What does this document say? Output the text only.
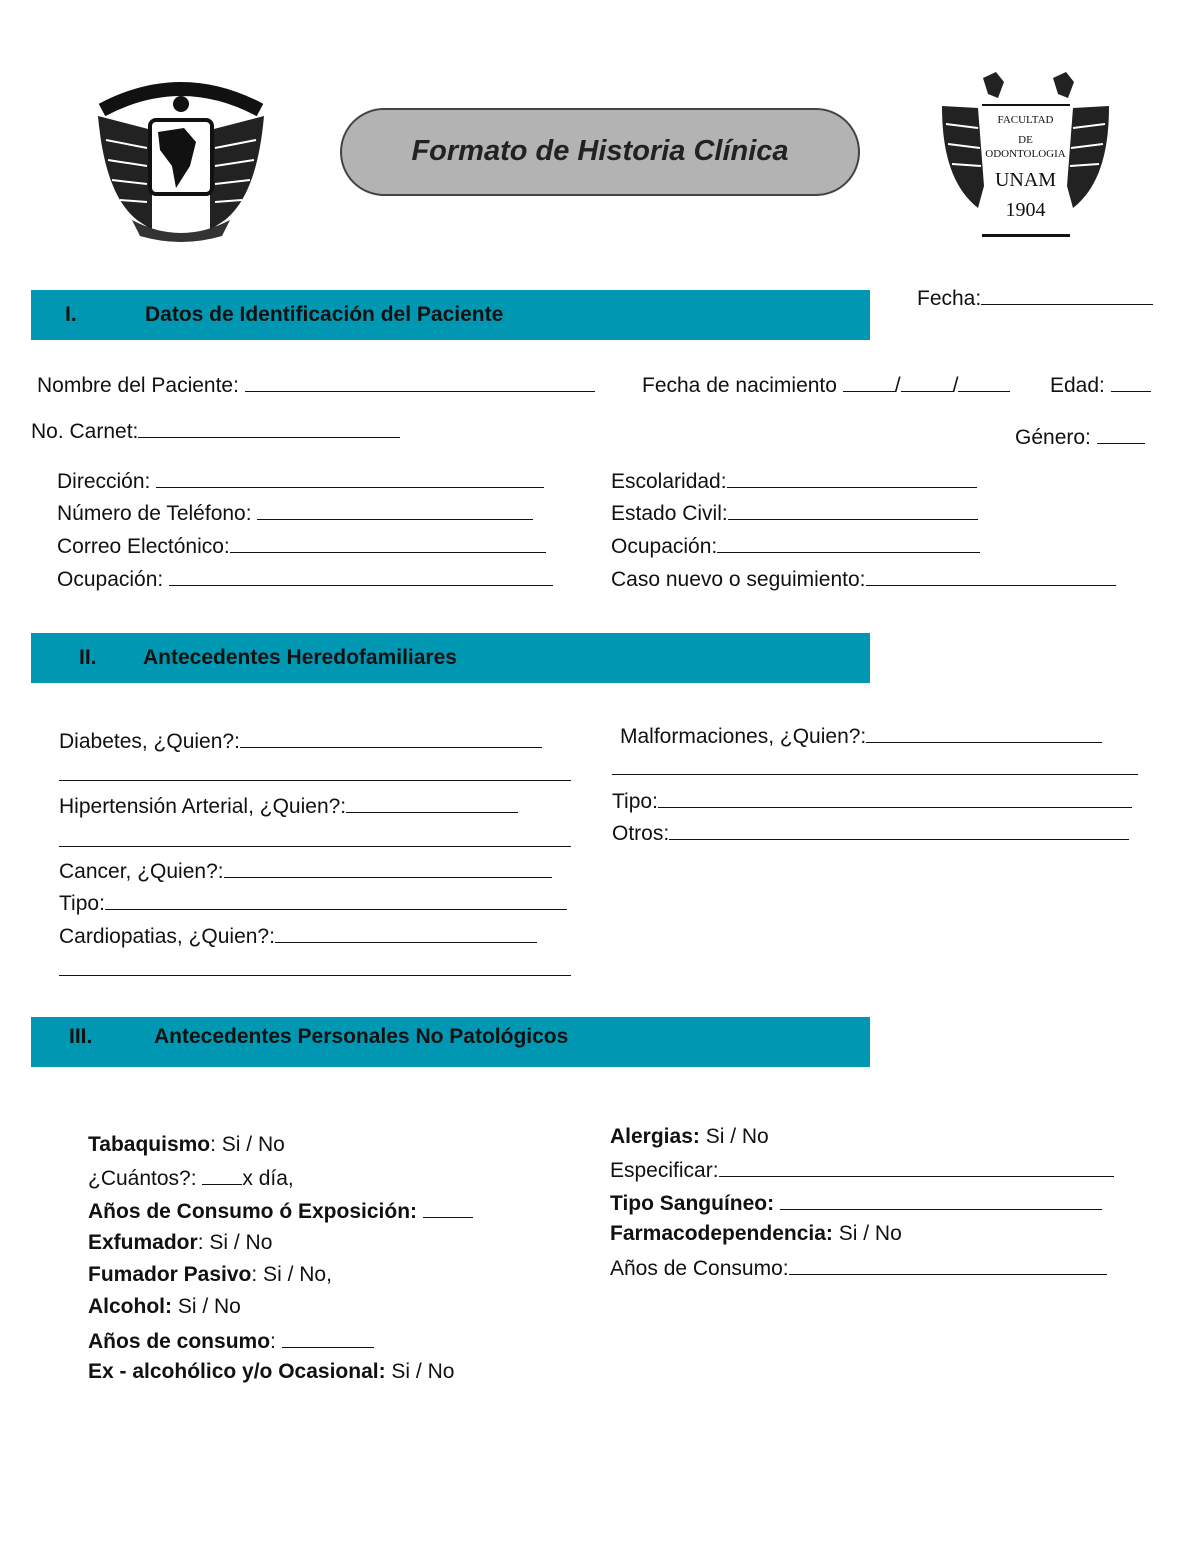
Formato de Historia Clínica
FACULTAD
DE
ODONTOLOGIA
UNAM
1904
I.	Datos de Identificación del Paciente
Fecha:
Nombre del Paciente:	Fecha de nacimiento	/ /	Edad:
No. Carnet:	Género:
Dirección:
Número de Teléfono:
Correo Electónico:
Ocupación:
Escolaridad:
Estado Civil:
Ocupación:
Caso nuevo o seguimiento:
II. Antecedentes Heredofamiliares
Diabetes, ¿Quien?:
Hipertensión Arterial, ¿Quien?:
Cancer, ¿Quien?:
Tipo:
Cardiopatias, ¿Quien?:
Malformaciones, ¿Quien?:
Tipo:
Otros:
III.	Antecedentes Personales No Patológicos
Tabaquismo: Si / No
¿Cuántos?: x día,
Años de Consumo ó Exposición:
Exfumador: Si / No
Fumador Pasivo: Si / No,
Alcohol: Si / No
Años de consumo:
Ex - alcohólico y/o Ocasional: Si / No
Alergias: Si / No
Especificar:
Tipo Sanguíneo:
Farmacodependencia: Si / No
Años de Consumo:
